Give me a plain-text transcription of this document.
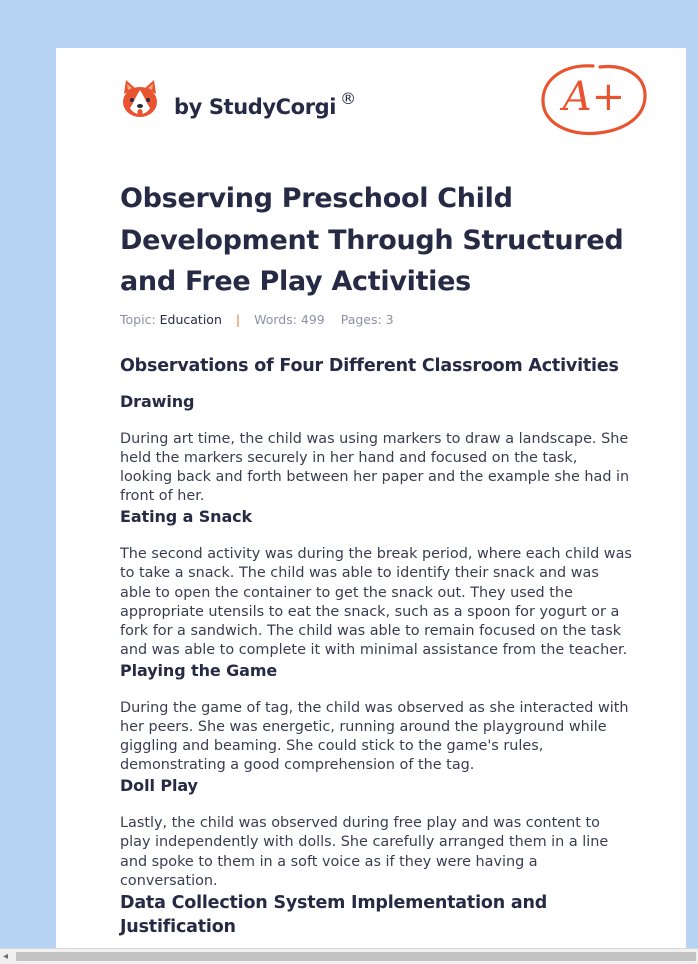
by StudyCorgi ®	A+
Observing Preschool Child Development Through Structured and Free Play Activities
Topic: Education | Words: 499 Pages: 3
Observations of Four Different Classroom Activities
Drawing

During art time, the child was using markers to draw a landscape. She held the markers securely in her hand and focused on the task, looking back and forth between her paper and the example she had in front of her.

Eating a Snack

The second activity was during the break period, where each child was to take a snack. The child was able to identify their snack and was able to open the container to get the snack out. They used the appropriate utensils to eat the snack, such as a spoon for yogurt or a fork for a sandwich. The child was able to remain focused on the task and was able to complete it with minimal assistance from the teacher.

Playing the Game

During the game of tag, the child was observed as she interacted with her peers. She was energetic, running around the playground while giggling and beaming. She could stick to the game's rules, demonstrating a good comprehension of the tag.

Doll Play

Lastly, the child was observed during free play and was content to play independently with dolls. She carefully arranged them in a line and spoke to them in a soft voice as if they were having a conversation.

Data Collection System Implementation and Justification
◂
